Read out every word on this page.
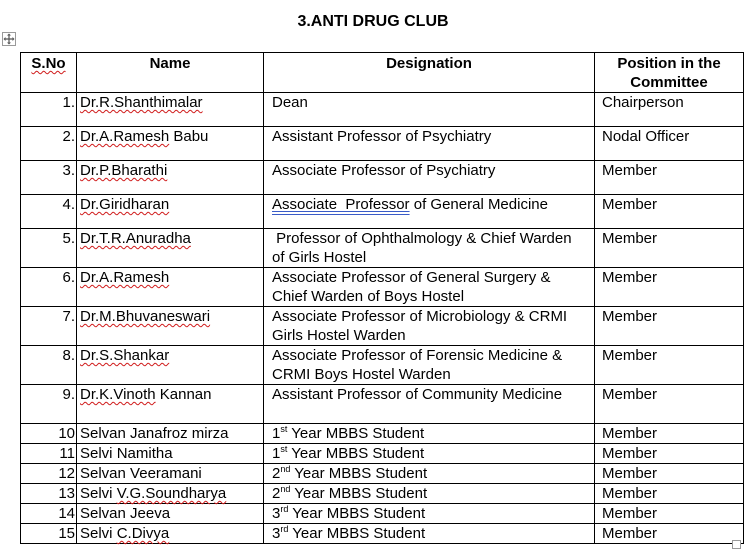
3.ANTI DRUG CLUB
S.No	Name	Designation	Position in the Committee
1.	Dr.R.Shanthimalar	Dean	Chairperson
2.	Dr.A.Ramesh Babu	Assistant Professor of Psychiatry	Nodal Officer
3.	Dr.P.Bharathi	Associate Professor of Psychiatry	Member
4.	Dr.Giridharan	Associate  Professor of General Medicine	Member
5.	Dr.T.R.Anuradha	Professor of Ophthalmology & Chief Warden of Girls Hostel	Member
6.	Dr.A.Ramesh	Associate Professor of General Surgery & Chief Warden of Boys Hostel	Member
7.	Dr.M.Bhuvaneswari	Associate Professor of Microbiology & CRMI Girls Hostel Warden	Member
8.	Dr.S.Shankar	Associate Professor of Forensic Medicine & CRMI Boys Hostel Warden	Member
9.	Dr.K.Vinoth Kannan	Assistant Professor of Community Medicine	Member
10	Selvan Janafroz mirza	1st Year MBBS Student	Member
11	Selvi Namitha	1st Year MBBS Student	Member
12	Selvan Veeramani	2nd Year MBBS Student	Member
13	Selvi V.G.Soundharya	2nd Year MBBS Student	Member
14	Selvan Jeeva	3rd Year MBBS Student	Member
15	Selvi C.Divya	3rd Year MBBS Student	Member
